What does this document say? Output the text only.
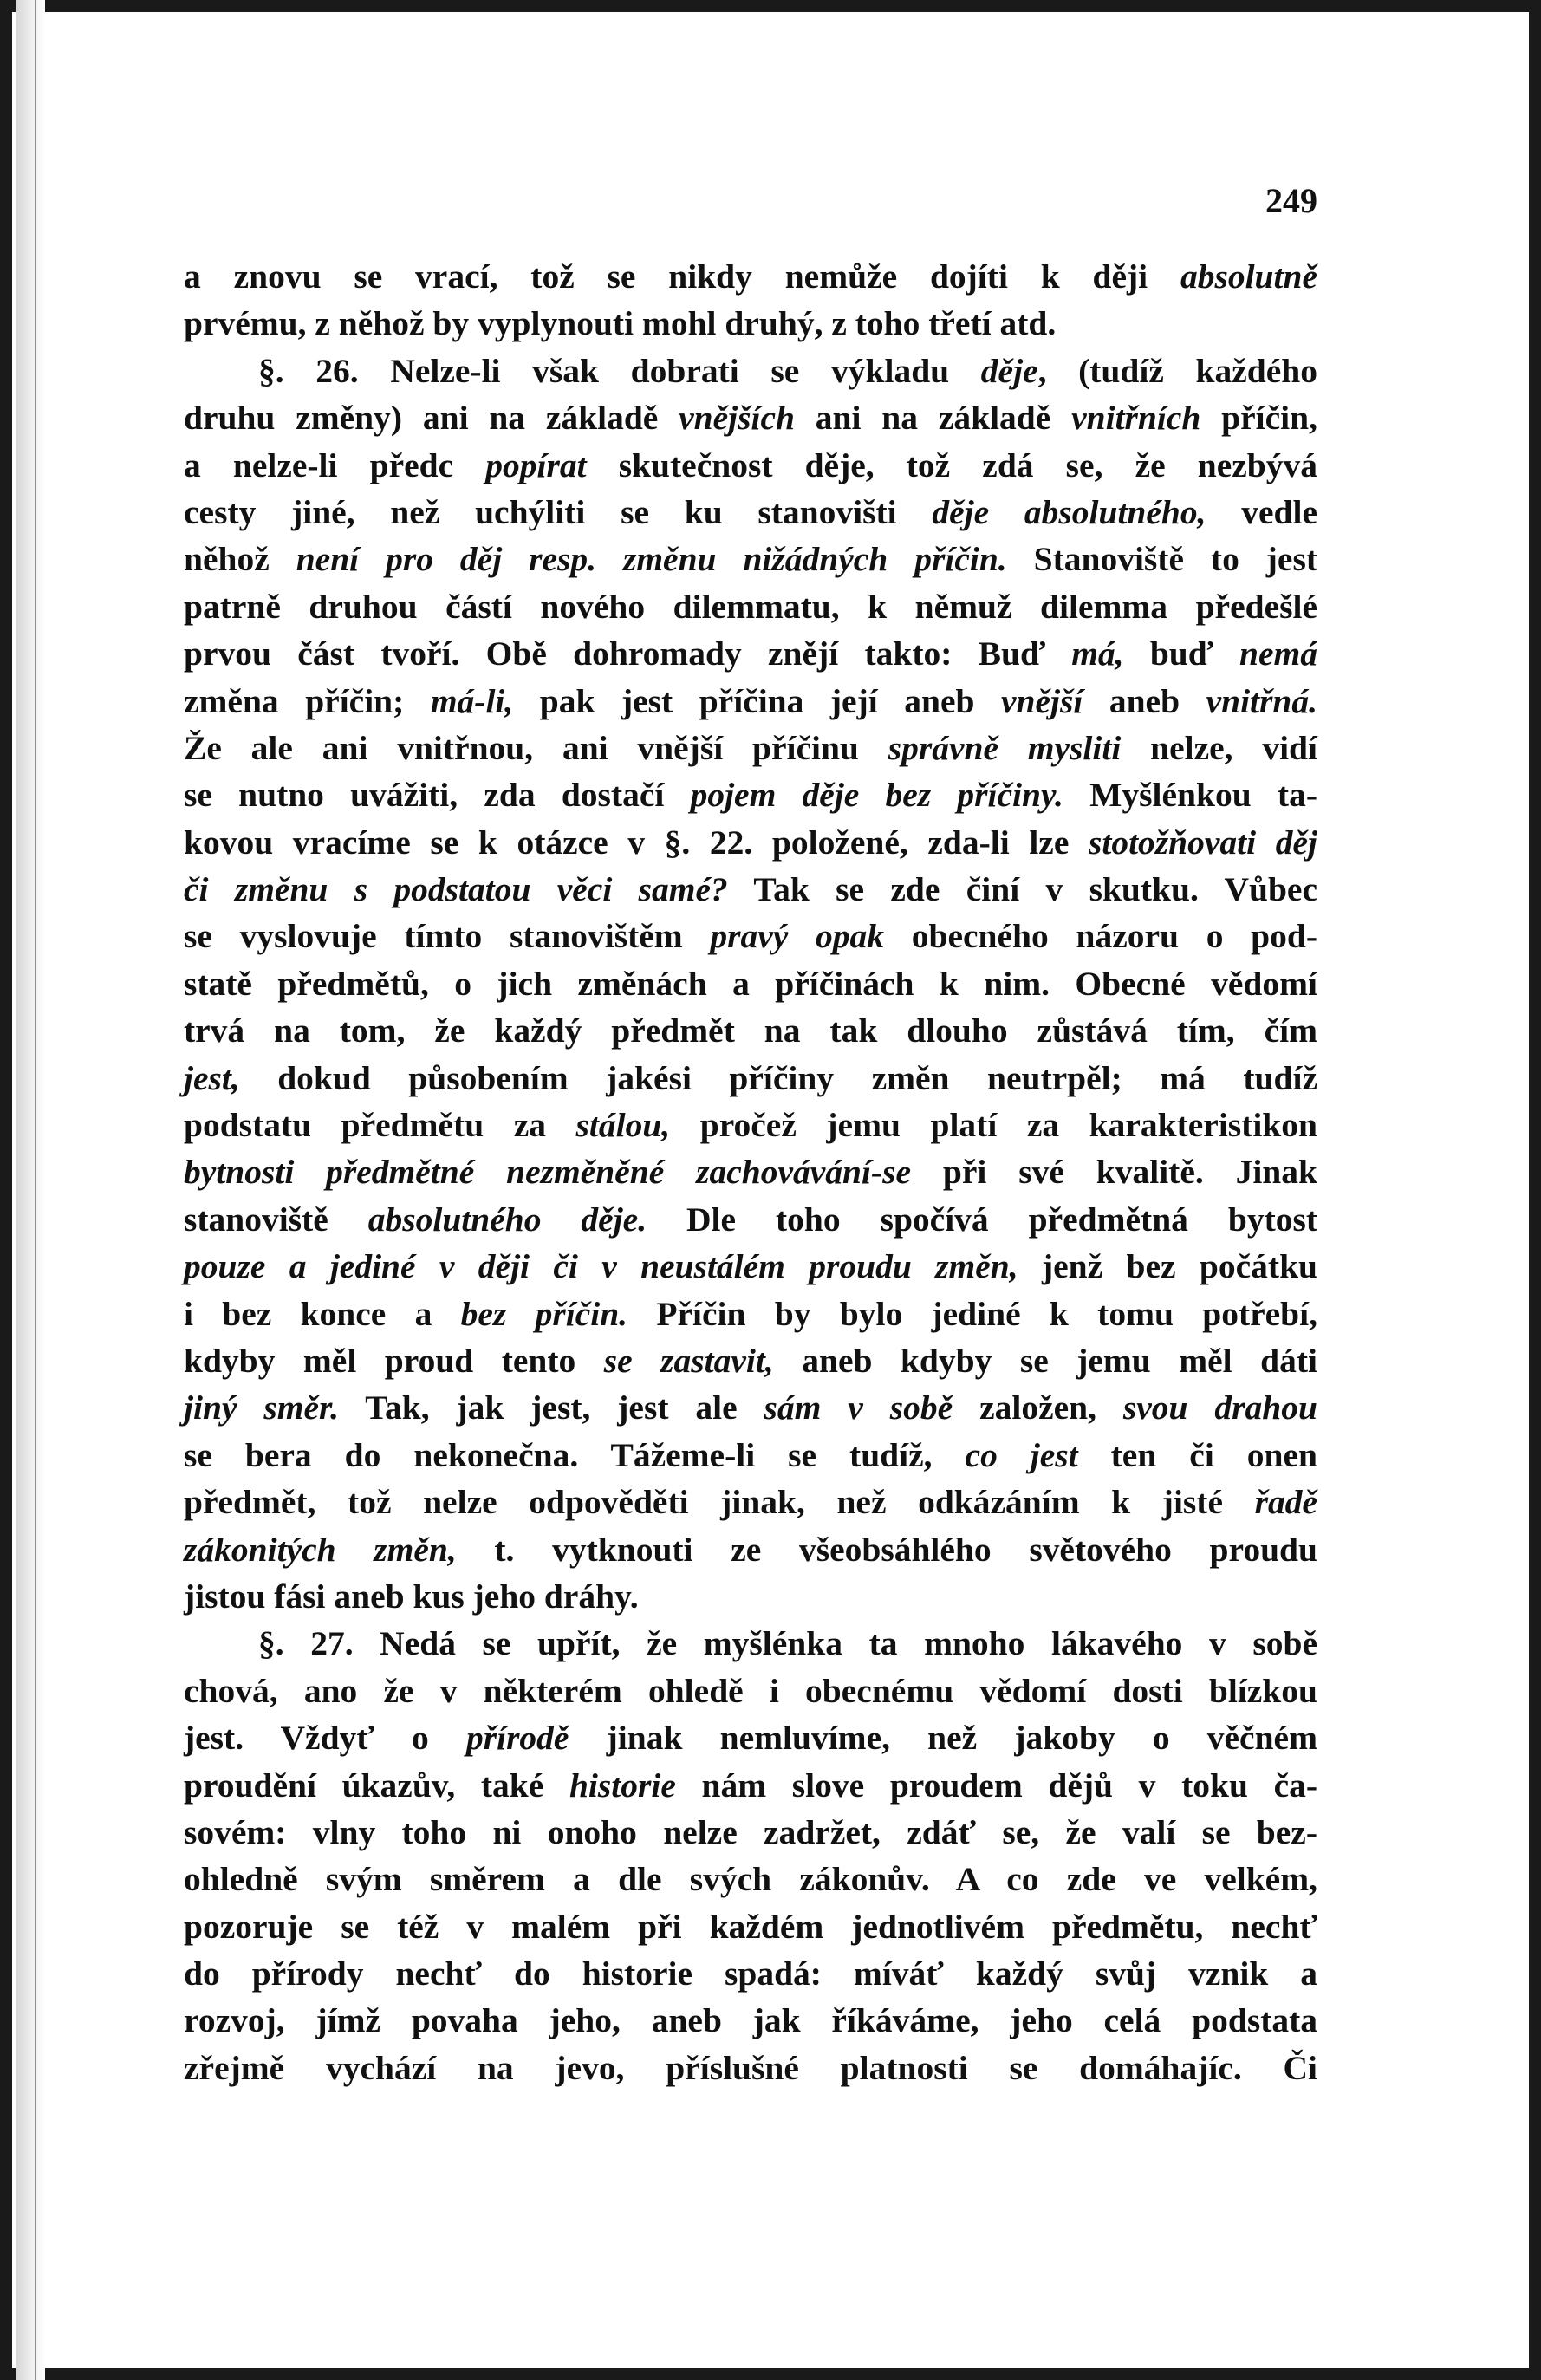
249
a znovu se vrací, tož se nikdy nemůže dojíti k ději absolutně
prvému, z něhož by vyplynouti mohl druhý, z toho třetí atd.
§. 26. Nelze-li však dobrati se výkladu děje, (tudíž každého
druhu změny) ani na základě vnějších ani na základě vnitřních příčin,
a nelze-li předc popírat skutečnost děje, tož zdá se, že nezbývá
cesty jiné, než uchýliti se ku stanovišti děje absolutného, vedle
něhož není pro děj resp. změnu nižádných příčin. Stanoviště to jest
patrně druhou částí nového dilemmatu, k němuž dilemma předešlé
prvou část tvoří. Obě dohromady znějí takto: Buď má, buď nemá
změna příčin; má-li, pak jest příčina její aneb vnější aneb vnitřná.
Že ale ani vnitřnou, ani vnější příčinu správně mysliti nelze, vidí
se nutno uvážiti, zda dostačí pojem děje bez příčiny. Myšlénkou ta-
kovou vracíme se k otázce v §. 22. položené, zda-li lze stotožňovati děj
či změnu s podstatou věci samé? Tak se zde činí v skutku. Vůbec
se vyslovuje tímto stanovištěm pravý opak obecného názoru o pod-
statě předmětů, o jich změnách a příčinách k nim. Obecné vědomí
trvá na tom, že každý předmět na tak dlouho zůstává tím, čím
jest, dokud působením jakési příčiny změn neutrpěl; má tudíž
podstatu předmětu za stálou, pročež jemu platí za karakteristikon
bytnosti předmětné nezměněné zachovávání-se při své kvalitě. Jinak
stanoviště absolutného děje. Dle toho spočívá předmětná bytost
pouze a jediné v ději či v neustálém proudu změn, jenž bez počátku
i bez konce a bez příčin. Příčin by bylo jediné k tomu potřebí,
kdyby měl proud tento se zastavit, aneb kdyby se jemu měl dáti
jiný směr. Tak, jak jest, jest ale sám v sobě založen, svou drahou
se bera do nekonečna. Tážeme-li se tudíž, co jest ten či onen
předmět, tož nelze odpověděti jinak, než odkázáním k jisté řadě
zákonitých změn, t. vytknouti ze všeobsáhlého světového proudu
jistou fási aneb kus jeho dráhy.
§. 27. Nedá se upřít, že myšlénka ta mnoho lákavého v sobě
chová, ano že v některém ohledě i obecnému vědomí dosti blízkou
jest. Vždyť o přírodě jinak nemluvíme, než jakoby o věčném
proudění úkazův, také historie nám slove proudem dějů v toku ča-
sovém: vlny toho ni onoho nelze zadržet, zdáť se, že valí se bez-
ohledně svým směrem a dle svých zákonův. A co zde ve velkém,
pozoruje se též v malém při každém jednotlivém předmětu, nechť
do přírody nechť do historie spadá: míváť každý svůj vznik a
rozvoj, jímž povaha jeho, aneb jak říkáváme, jeho celá podstata
zřejmě vychází na jevo, příslušné platnosti se domáhajíc. Či
